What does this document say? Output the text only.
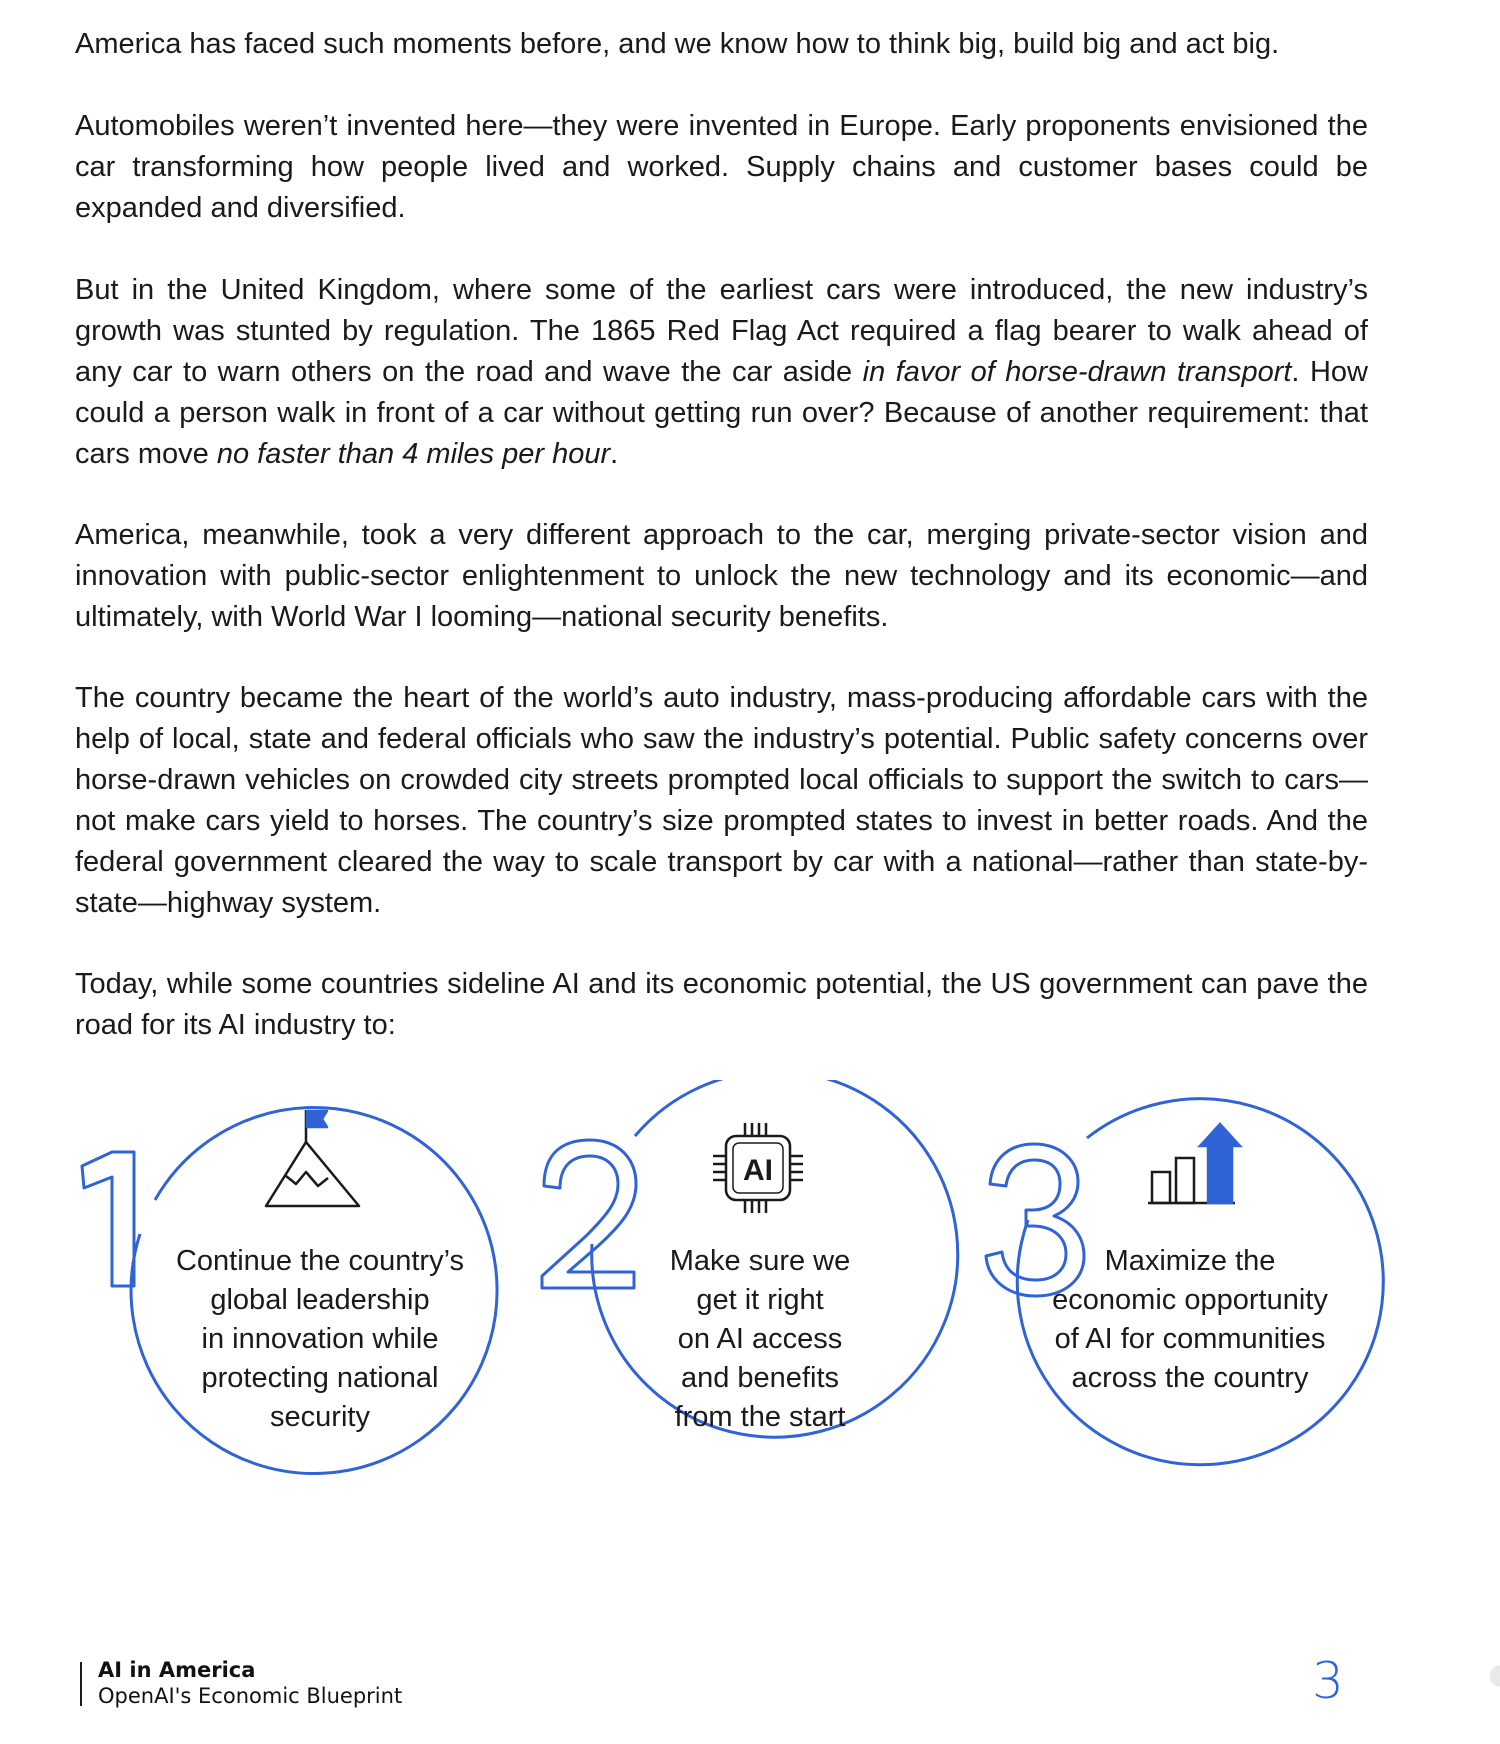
America has faced such moments before, and we know how to think big, build big and act big.

Automobiles weren’t invented here—they were invented in Europe. Early proponents envisioned the car transforming how people lived and worked. Supply chains and customer bases could be expanded and diversified.

But in the United Kingdom, where some of the earliest cars were introduced, the new industry’s growth was stunted by regulation. The 1865 Red Flag Act required a flag bearer to walk ahead of any car to warn others on the road and wave the car aside in favor of horse-drawn transport. How could a person walk in front of a car without getting run over? Because of another requirement: that cars move no faster than 4 miles per hour.

America, meanwhile, took a very different approach to the car, merging private-sector vision and innovation with public-sector enlightenment to unlock the new technology and its economic—and ultimately, with World War I looming—national security benefits.

The country became the heart of the world’s auto industry, mass-producing affordable cars with the help of local, state and federal officials who saw the industry’s potential. Public safety concerns over horse-drawn vehicles on crowded city streets prompted local officials to support the switch to cars—not make cars yield to horses. The country’s size prompted states to invest in better roads. And the federal government cleared the way to scale transport by car with a national—rather than state-by-state—highway system.

Today, while some countries sideline AI and its economic potential, the US government can pave the road for its AI industry to:

AI
Continue the country’s
global leadership
in innovation while
protecting national
security
Make sure we
get it right
on AI access
and benefits
from the start
Maximize the
economic opportunity
of AI for communities
across the country
AI in America
OpenAI's Economic Blueprint	3
